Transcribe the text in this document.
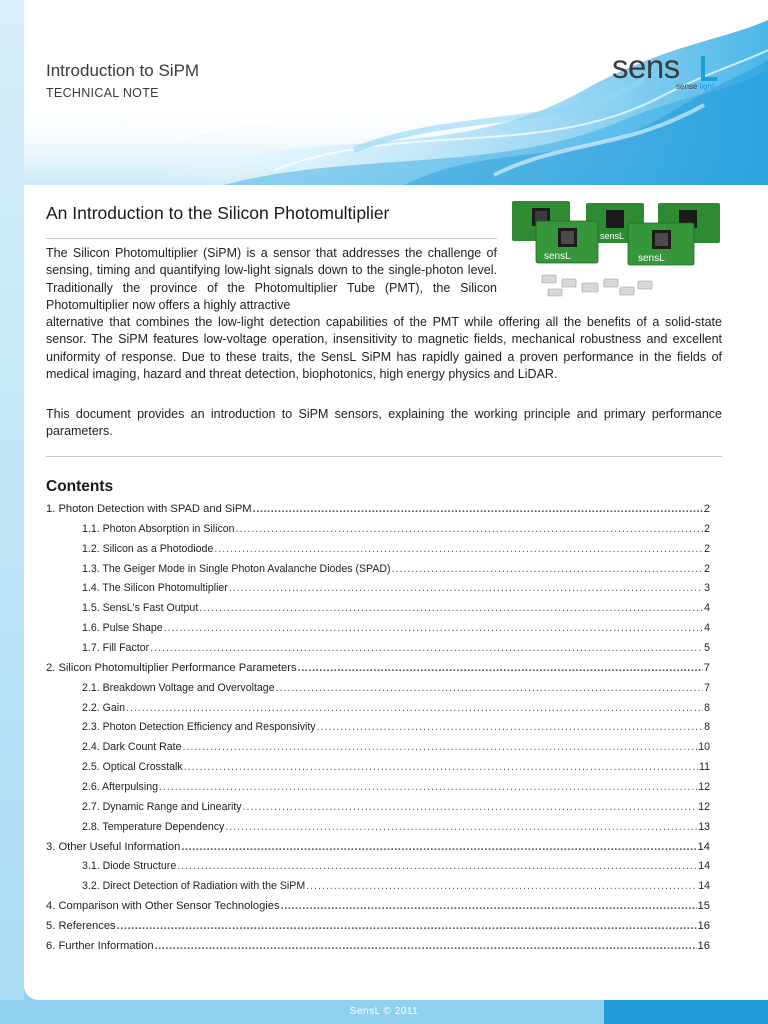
Introduction to SiPM
TECHNICAL NOTE
sens
sense light
An Introduction to the Silicon Photomultiplier
sensL
sensL	sensL

The Silicon Photomultiplier (SiPM) is a sensor that addresses the challenge of sensing, timing and quantifying low-light signals down to the single-photon level. Traditionally the province of the Photomultiplier Tube (PMT), the Silicon Photomultiplier now offers a highly attractive

alternative that combines the low-light detection capabilities of the PMT while offering all the benefits of a solid-state sensor. The SiPM features low-voltage operation, insensitivity to magnetic fields, mechanical robustness and excellent uniformity of response. Due to these traits, the SensL SiPM has rapidly gained a proven performance in the fields of medical imaging, hazard and threat detection, biophotonics, high energy physics and LiDAR.

This document provides an introduction to SiPM sensors, explaining the working principle and primary performance parameters.

Contents
1. Photon Detection with SPAD and SiPM .....	2
1.1. Photon Absorption in Silicon .....	2
1.2. Silicon as a Photodiode .....	2
1.3. The Geiger Mode in Single Photon Avalanche Diodes (SPAD) .....	2
1.4. The Silicon Photomultiplier .....	3
1.5. SensL's Fast Output .....	4
1.6. Pulse Shape .....	4
1.7. Fill Factor .....	5
2. Silicon Photomultiplier Performance Parameters .....	7
2.1. Breakdown Voltage and Overvoltage .....	7
2.2. Gain .....	8
2.3. Photon Detection Efficiency and Responsivity .....	8
2.4. Dark Count Rate .....	10
2.5. Optical Crosstalk .....	11
2.6. Afterpulsing .....	12
2.7. Dynamic Range and Linearity .....	12
2.8. Temperature Dependency .....	13
3. Other Useful Information .....	14
3.1. Diode Structure .....	14
3.2. Direct Detection of Radiation with the SiPM .....	14
4. Comparison with Other Sensor Technologies .....	15
5. References .....	16
6. Further Information .....	16
SensL © 2011
